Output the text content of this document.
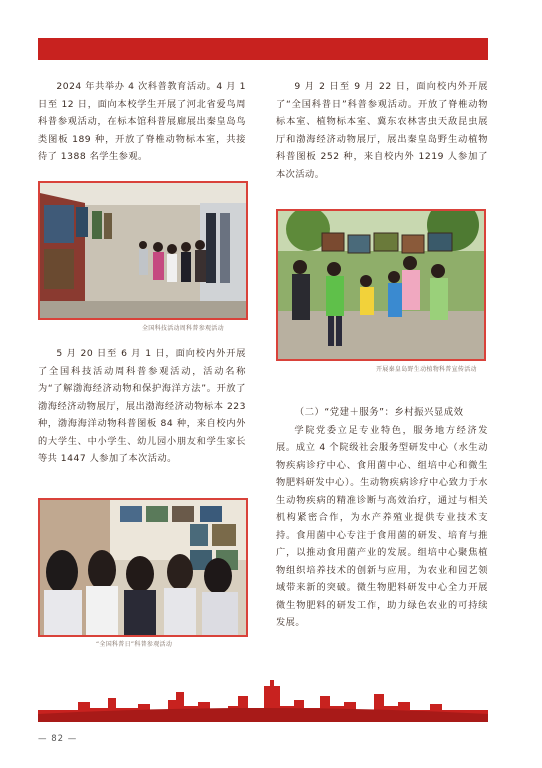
2024 年共举办 4 次科普教育活动。4 月 1 日至 12 日，面向本校学生开展了河北省爱鸟周科普参观活动，在标本馆科普展廊展出秦皇岛鸟类图板 189 种，开放了脊椎动物标本室，共接待了 1388 名学生参观。

全国科技活动周科普参观活动

5 月 20 日至 6 月 1 日，面向校内外开展了全国科技活动周科普参观活动，活动名称为“了解渤海经济动物和保护海洋方法”。开放了渤海经济动物展厅，展出渤海经济动物标本 223 种，渤海海洋动物科普图板 84 种，来自校内外的大学生、中小学生、幼儿园小朋友和学生家长等共 1447 人参加了本次活动。

“全国科普日”科普参观活动

9 月 2 日至 9 月 22 日，面向校内外开展了“全国科普日”科普参观活动。开放了脊椎动物标本室、植物标本室、冀东农林害虫天敌昆虫展厅和渤海经济动物展厅，展出秦皇岛野生动植物科普图板 252 种，来自校内外 1219 人参加了本次活动。

开展秦皇岛野生动植物科普宣传活动

（二）“党建＋服务”：乡村振兴显成效

学院党委立足专业特色，服务地方经济发展。成立 4 个院级社会服务型研发中心（水生动物疾病诊疗中心、食用菌中心、组培中心和微生物肥料研发中心）。生动物疾病诊疗中心致力于水生动物疾病的精准诊断与高效治疗，通过与相关机构紧密合作，为水产养殖业提供专业技术支持。食用菌中心专注于食用菌的研发、培育与推广，以推动食用菌产业的发展。组培中心聚焦植物组织培养技术的创新与应用，为农业和园艺领域带来新的突破。微生物肥料研发中心全力开展微生物肥料的研发工作，助力绿色农业的可持续发展。

— 82 —
